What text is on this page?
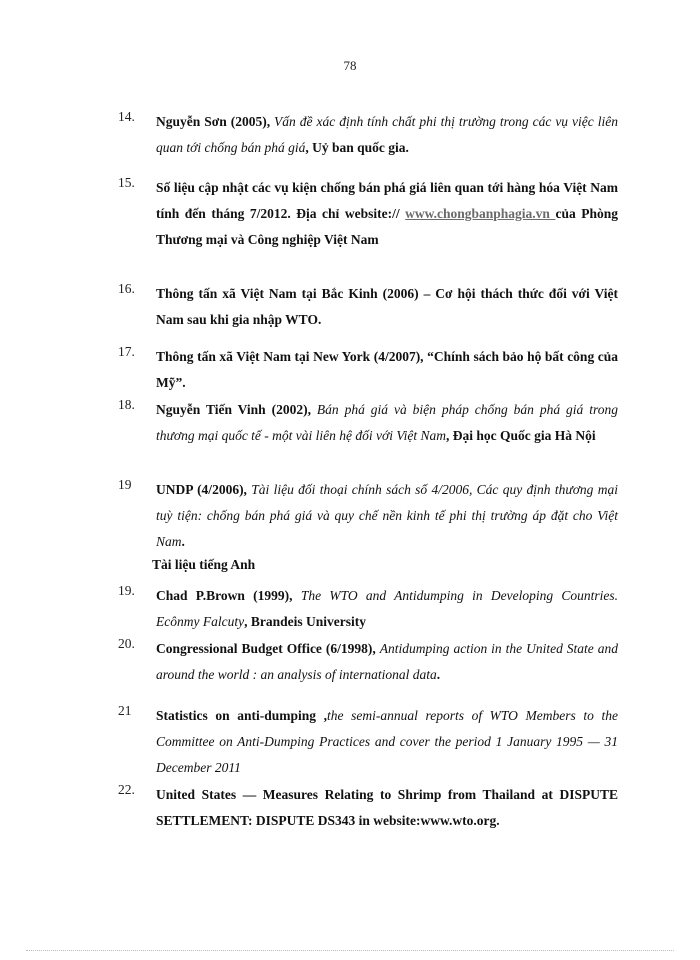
78
14.	Nguyễn Sơn (2005), Vấn đề xác định tính chất phi thị trường trong các vụ việc liên quan tới chống bán phá giá, Uỷ ban quốc gia.
15.	Số liệu cập nhật các vụ kiện chống bán phá giá liên quan tới hàng hóa Việt Nam tính đến tháng 7/2012. Địa chỉ website:// www.chongbanphagia.vn của Phòng Thương mại và Công nghiệp Việt Nam
16.	Thông tấn xã Việt Nam tại Bắc Kinh (2006) – Cơ hội thách thức đối với Việt Nam sau khi gia nhập WTO.
17.	Thông tấn xã Việt Nam tại New York (4/2007), “Chính sách bảo hộ bất công của Mỹ”.
18.	Nguyễn Tiến Vinh (2002), Bán phá giá và biện pháp chống bán phá giá trong thương mại quốc tế - một vài liên hệ đối với Việt Nam, Đại học Quốc gia Hà Nội
19	UNDP (4/2006), Tài liệu đối thoại chính sách số 4/2006, Các quy định thương mại tuỳ tiện: chống bán phá giá và quy chế nền kinh tế phi thị trường áp đặt cho Việt Nam.
Tài liệu tiếng Anh
19.	Chad P.Brown (1999), The WTO and Antidumping in Developing Countries. Ecônmy Falcuty, Brandeis University
20.	Congressional Budget Office (6/1998), Antidumping action in the United State and around the world : an analysis of international data.
21	Statistics on anti-dumping ,the semi-annual reports of WTO Members to the Committee on Anti-Dumping Practices and cover the period 1 January 1995 — 31 December 2011
22.	United States — Measures Relating to Shrimp from Thailand at DISPUTE SETTLEMENT: DISPUTE DS343 in website:www.wto.org.
